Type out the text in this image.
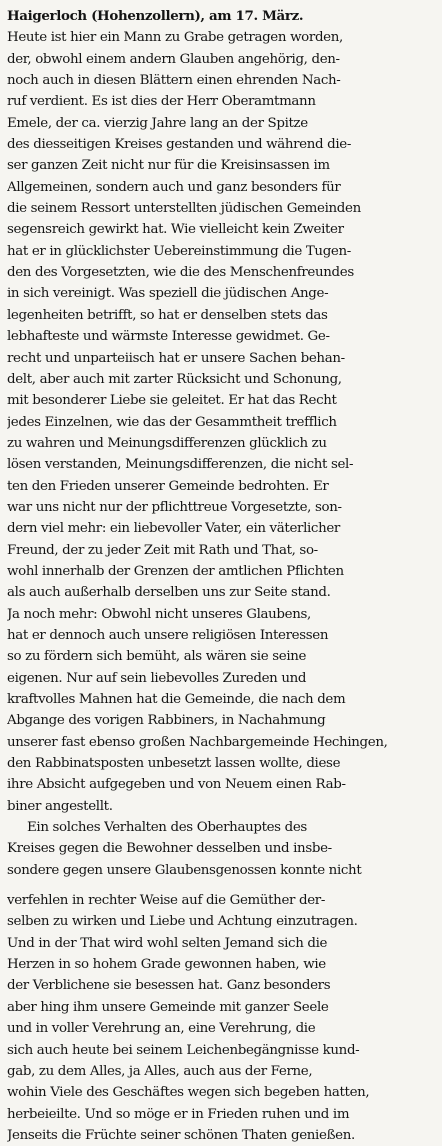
Haigerloch (Hohenzollern), am 17. März.
Heute ist hier ein Mann zu Grabe getragen worden,
der, obwohl einem andern Glauben angehörig, den-
noch auch in diesen Blättern einen ehrenden Nach-
ruf verdient. Es ist dies der Herr Oberamtmann
Emele, der ca. vierzig Jahre lang an der Spitze
des diesseitigen Kreises gestanden und während die-
ser ganzen Zeit nicht nur für die Kreisinsassen im
Allgemeinen, sondern auch und ganz besonders für
die seinem Ressort unterstellten jüdischen Gemeinden
segensreich gewirkt hat. Wie vielleicht kein Zweiter
hat er in glücklichster Uebereinstimmung die Tugen-
den des Vorgesetzten, wie die des Menschenfreundes
in sich vereinigt. Was speziell die jüdischen Ange-
legenheiten betrifft, so hat er denselben stets das
lebhafteste und wärmste Interesse gewidmet. Ge-
recht und unparteiisch hat er unsere Sachen behan-
delt, aber auch mit zarter Rücksicht und Schonung,
mit besonderer Liebe sie geleitet. Er hat das Recht
jedes Einzelnen, wie das der Gesammtheit trefflich
zu wahren und Meinungsdifferenzen glücklich zu
lösen verstanden, Meinungsdifferenzen, die nicht sel-
ten den Frieden unserer Gemeinde bedrohten. Er
war uns nicht nur der pflichttreue Vorgesetzte, son-
dern viel mehr: ein liebevoller Vater, ein väterlicher
Freund, der zu jeder Zeit mit Rath und That, so-
wohl innerhalb der Grenzen der amtlichen Pflichten
als auch außerhalb derselben uns zur Seite stand.
Ja noch mehr: Obwohl nicht unseres Glaubens,
hat er dennoch auch unsere religiösen Interessen
so zu fördern sich bemüht, als wären sie seine
eigenen. Nur auf sein liebevolles Zureden und
kraftvolles Mahnen hat die Gemeinde, die nach dem
Abgange des vorigen Rabbiners, in Nachahmung
unserer fast ebenso großen Nachbargemeinde Hechingen,
den Rabbinatsposten unbesetzt lassen wollte, diese
ihre Absicht aufgegeben und von Neuem einen Rab-
biner angestellt.
Ein solches Verhalten des Oberhauptes des
Kreises gegen die Bewohner desselben und insbe-
sondere gegen unsere Glaubensgenossen konnte nicht
verfehlen in rechter Weise auf die Gemüther der-
selben zu wirken und Liebe und Achtung einzutragen.
Und in der That wird wohl selten Jemand sich die
Herzen in so hohem Grade gewonnen haben, wie
der Verblichene sie besessen hat. Ganz besonders
aber hing ihm unsere Gemeinde mit ganzer Seele
und in voller Verehrung an, eine Verehrung, die
sich auch heute bei seinem Leichenbegängnisse kund-
gab, zu dem Alles, ja Alles, auch aus der Ferne,
wohin Viele des Geschäftes wegen sich begeben hatten,
herbeieilte. Und so möge er in Frieden ruhen und im
Jenseits die Früchte seiner schönen Thaten genießen.
